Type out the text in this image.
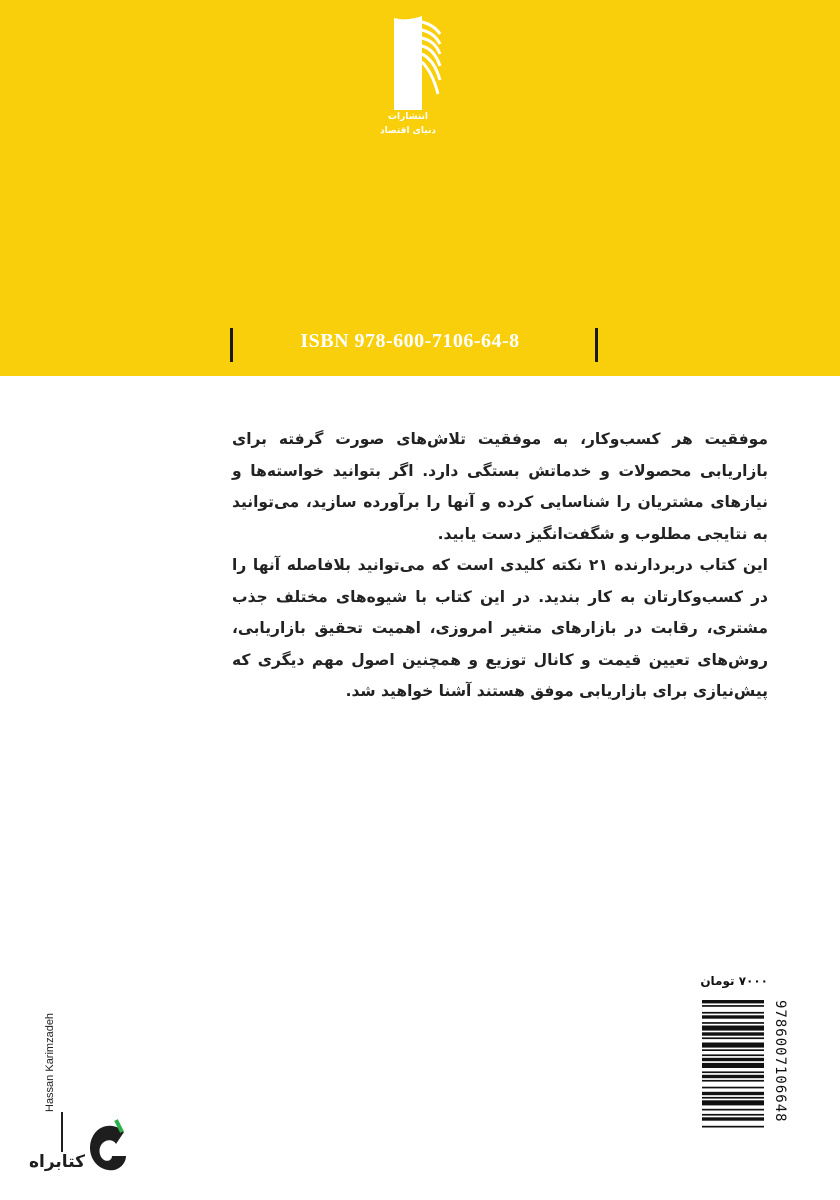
انتشارات
دنیای اقتصاد
ISBN 978-600-7106-64-8

موفقیت هر کسب‌وکار، به موفقیت تلاش‌های صورت گرفته برای بازاریابی محصولات و خدماتش بستگی دارد. اگر بتوانید خواسته‌ها و نیازهای مشتریان را شناسایی کرده و آنها را برآورده سازید، می‌توانید به نتایجی مطلوب و شگفت‌انگیز دست یابید.

این کتاب دربردارنده ۲۱ نکته کلیدی است که می‌توانید بلافاصله آنها را در کسب‌وکارتان به کار بندید. در این کتاب با شیوه‌های مختلف جذب مشتری، رقابت در بازارهای متغیر امروزی، اهمیت تحقیق بازاریابی، روش‌های تعیین قیمت و کانال توزیع و همچنین اصول مهم دیگری که پیش‌نیازی برای بازاریابی موفق هستند آشنا خواهید شد.

۷۰۰۰ تومان
9786007106648
Hassan Karimzadeh
کتابراه
